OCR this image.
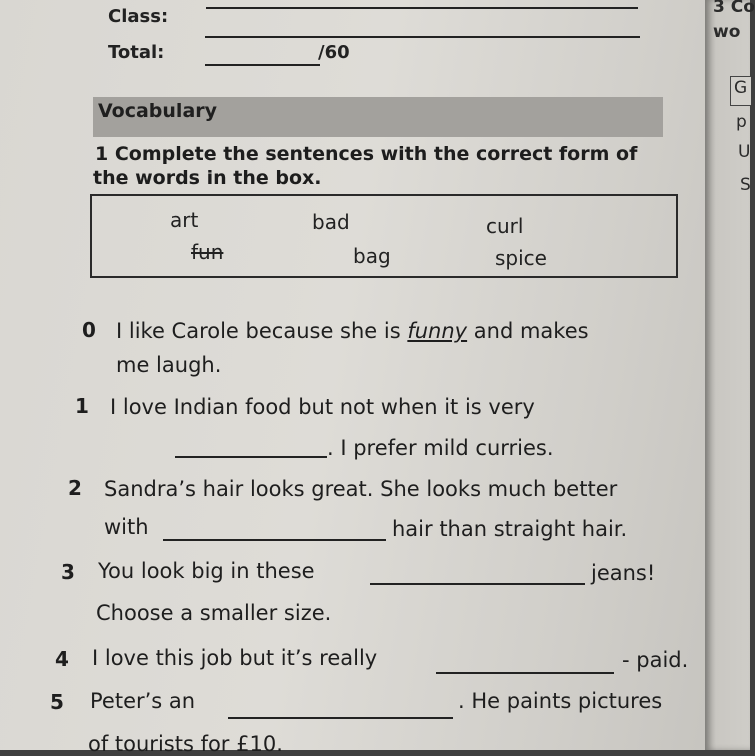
Class:
Total:	/60
Vocabulary
1 Complete the sentences with the correct form of
the words in the box.
art	bad	curl
fun	bag	spice
0 I like Carole because she is funny and makes
me laugh.
1 I love Indian food but not when it is very
. I prefer mild curries.
2 Sandra’s hair looks great. She looks much better
with	hair than straight hair.
3 You look big in these	jeans!
Choose a smaller size.
4 I love this job but it’s really	- paid.
5 Peter’s an	. He paints pictures
of tourists for £10.
3 Co
wo
G
p
U
S
